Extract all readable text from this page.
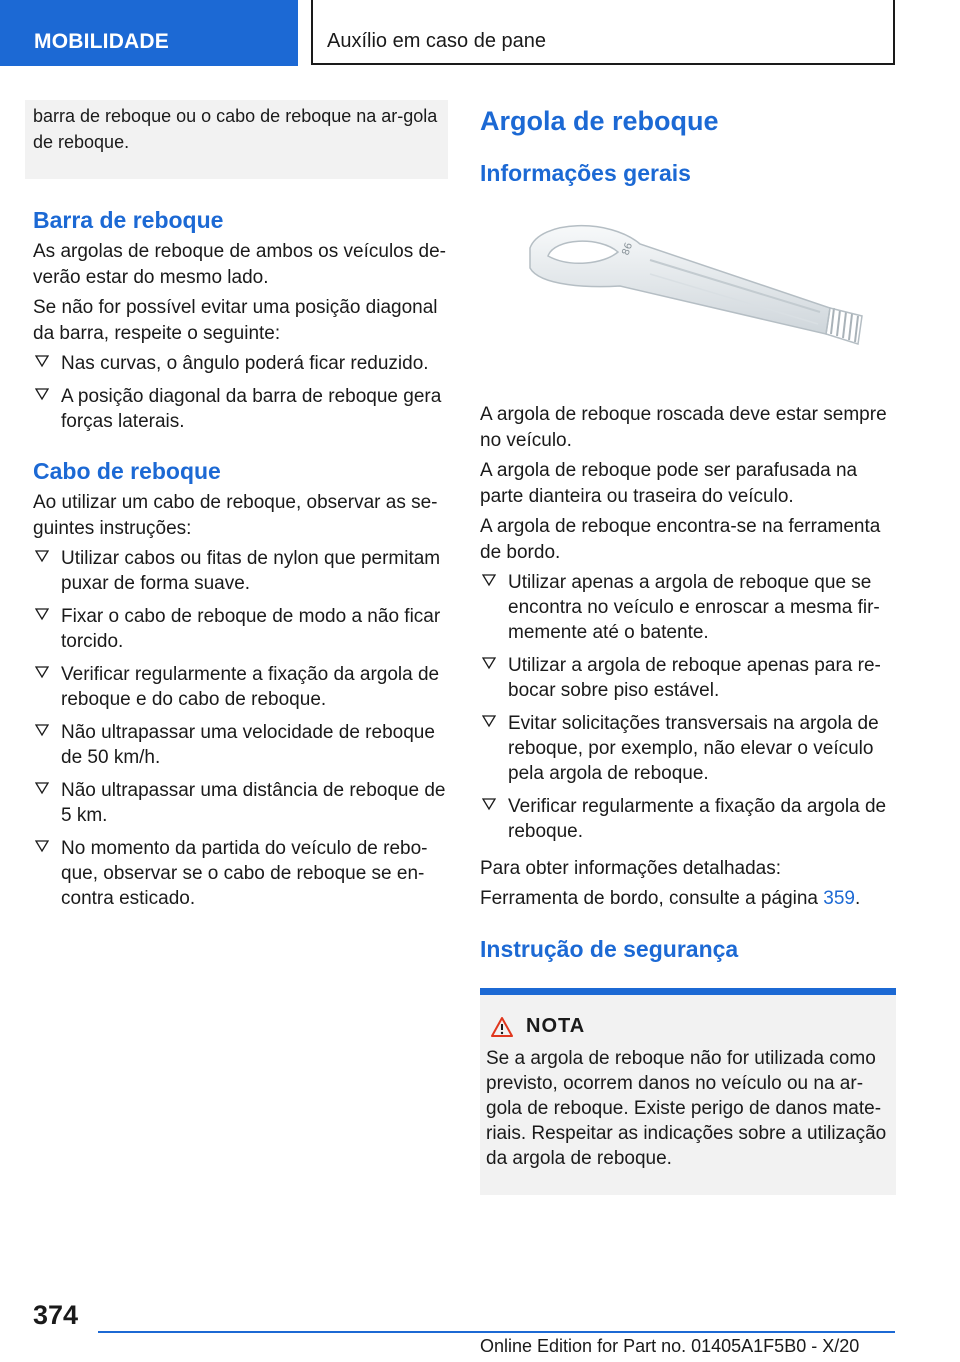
MOBILIDADE	Auxílio em caso de pane

barra de reboque ou o cabo de reboque na ar-gola de reboque.

Barra de reboque

As argolas de reboque de ambos os veículos de-verão estar do mesmo lado.

Se não for possível evitar uma posição diagonal da barra, respeite o seguinte:

Nas curvas, o ângulo poderá ficar reduzido.
A posição diagonal da barra de reboque gera forças laterais.
Cabo de reboque

Ao utilizar um cabo de reboque, observar as se-guintes instruções:

Utilizar cabos ou fitas de nylon que permitam puxar de forma suave.
Fixar o cabo de reboque de modo a não ficar torcido.
Verificar regularmente a fixação da argola de reboque e do cabo de reboque.
Não ultrapassar uma velocidade de reboque de 50 km/h.
Não ultrapassar uma distância de reboque de 5 km.
No momento da partida do veículo de rebo-que, observar se o cabo de reboque se en-contra esticado.
Argola de reboque
Informações gerais
86

A argola de reboque roscada deve estar sempre no veículo.

A argola de reboque pode ser parafusada na parte dianteira ou traseira do veículo.

A argola de reboque encontra-se na ferramenta de bordo.

Utilizar apenas a argola de reboque que se encontra no veículo e enroscar a mesma fir-memente até o batente.
Utilizar a argola de reboque apenas para re-bocar sobre piso estável.
Evitar solicitações transversais na argola de reboque, por exemplo, não elevar o veículo pela argola de reboque.
Verificar regularmente a fixação da argola de reboque.

Para obter informações detalhadas:

Ferramenta de bordo, consulte a página 359.

Instrução de segurança
NOTA

Se a argola de reboque não for utilizada como previsto, ocorrem danos no veículo ou na ar-gola de reboque. Existe perigo de danos mate-riais. Respeitar as indicações sobre a utilização da argola de reboque.

374
Online Edition for Part no. 01405A1F5B0 - X/20
